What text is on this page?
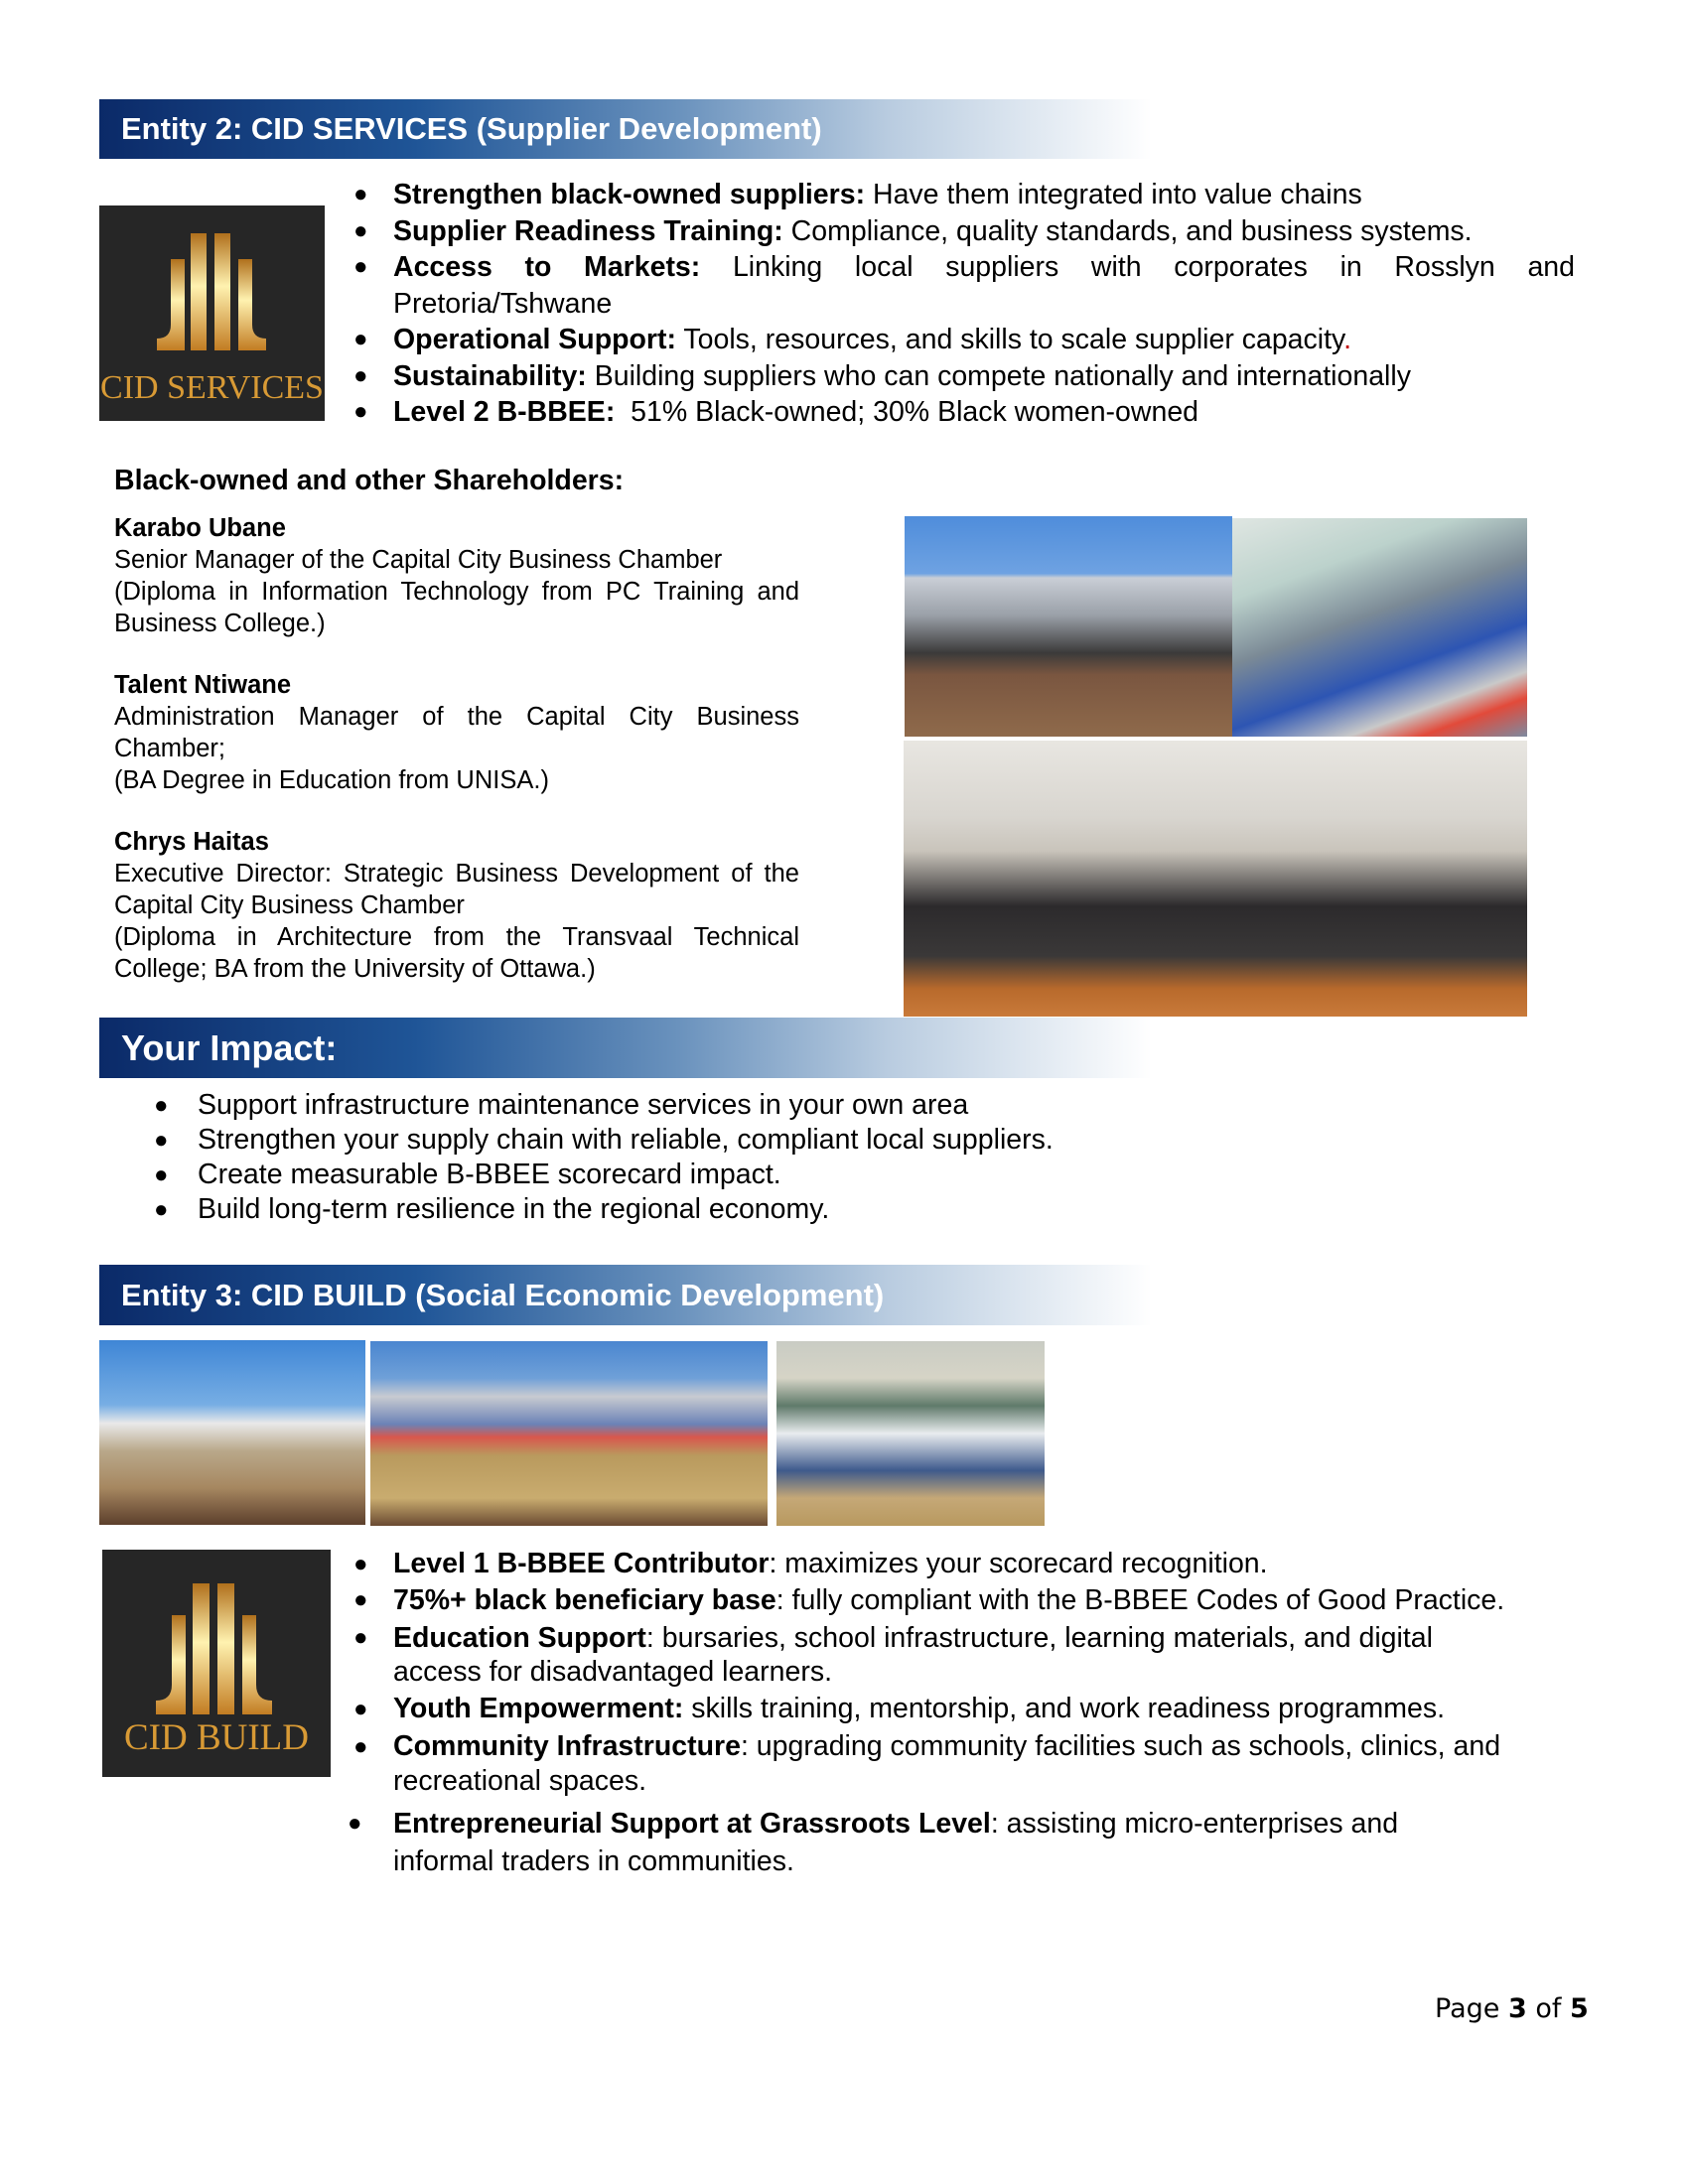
Entity 2: CID SERVICES (Supplier Development)
CID SERVICES
● Strengthen black-owned suppliers: Have them integrated into value chains
● Supplier Readiness Training: Compliance, quality standards, and business systems.
● Access to Markets: Linking local suppliers with corporates in Rosslyn and Pretoria/Tshwane
● Operational Support: Tools, resources, and skills to scale supplier capacity.
● Sustainability: Building suppliers who can compete nationally and internationally
● Level 2 B-BBEE:  51% Black-owned; 30% Black women-owned
Black-owned and other Shareholders:
Karabo Ubane
Senior Manager of the Capital City Business Chamber
(Diploma in Information Technology from PC Training and Business College.)
Talent Ntiwane
Administration Manager of the Capital City Business Chamber;
(BA Degree in Education from UNISA.)
Chrys Haitas
Executive Director: Strategic Business Development of the Capital City Business Chamber
(Diploma in Architecture from the Transvaal Technical College; BA from the University of Ottawa.)
Your Impact:
● Support infrastructure maintenance services in your own area
● Strengthen your supply chain with reliable, compliant local suppliers.
● Create measurable B-BBEE scorecard impact.
● Build long-term resilience in the regional economy.
Entity 3: CID BUILD (Social Economic Development)
CID BUILD
● Level 1 B-BBEE Contributor: maximizes your scorecard recognition.
● 75%+ black beneficiary base: fully compliant with the B-BBEE Codes of Good Practice.
● Education Support: bursaries, school infrastructure, learning materials, and digital access for disadvantaged learners.
● Youth Empowerment: skills training, mentorship, and work readiness programmes.
● Community Infrastructure: upgrading community facilities such as schools, clinics, and recreational spaces.
● Entrepreneurial Support at Grassroots Level: assisting micro-enterprises and informal traders in communities.
Page 3 of 5
